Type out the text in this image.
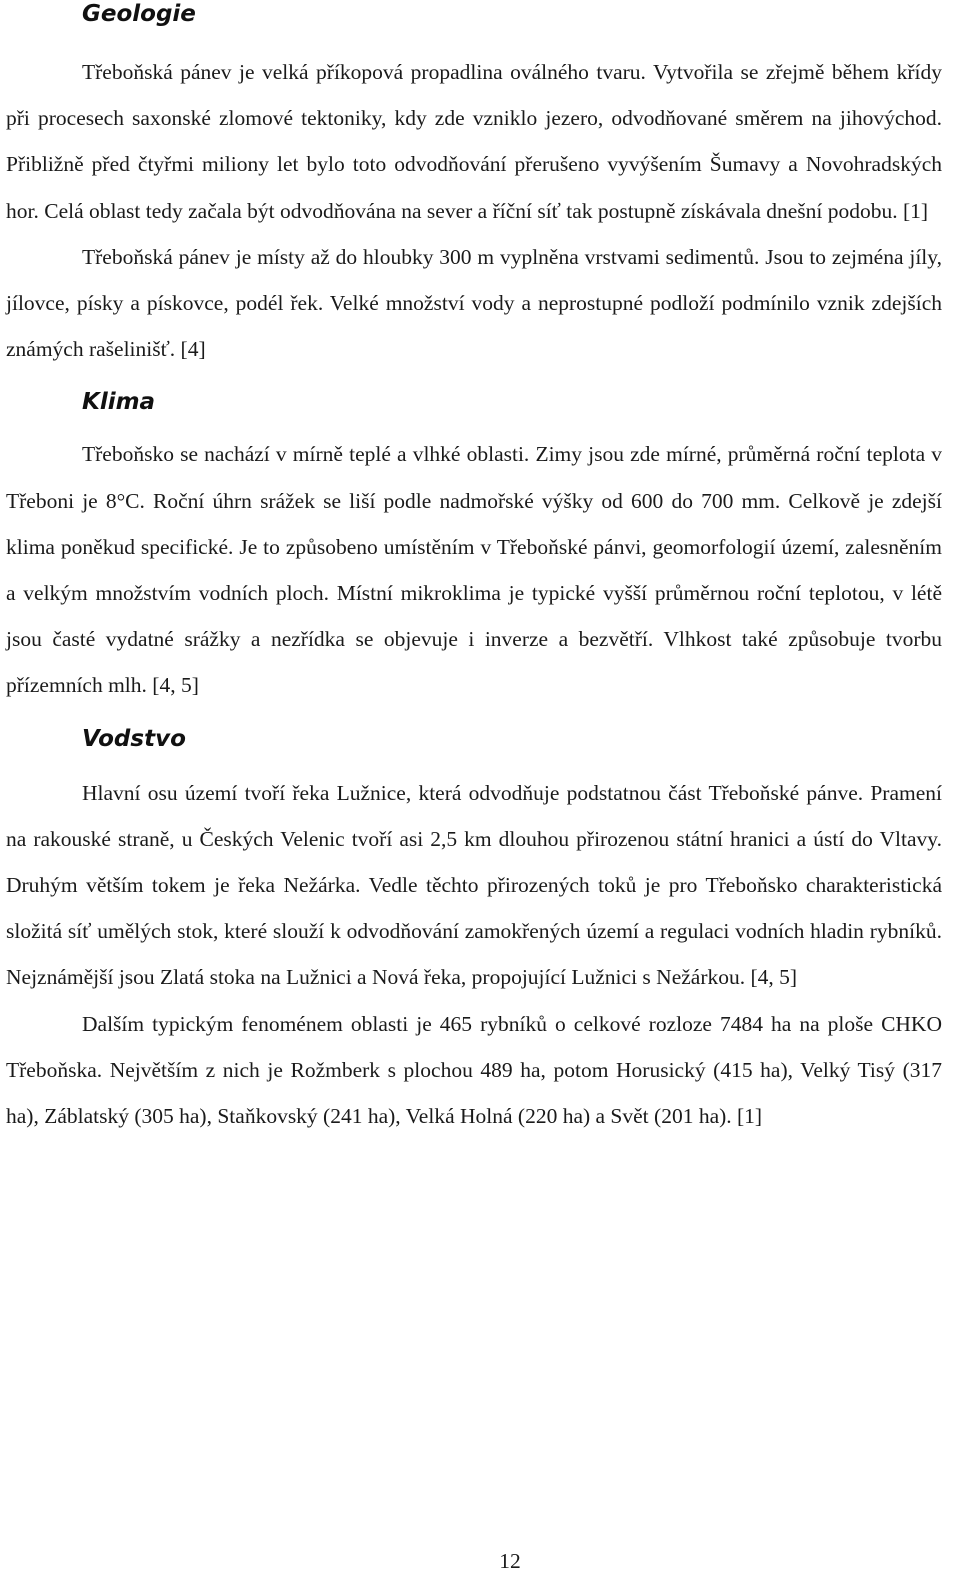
Geologie

Třeboňská pánev je velká příkopová propadlina oválného tvaru. Vytvořila se zřejmě během křídy při procesech saxonské zlomové tektoniky, kdy zde vzniklo jezero, odvodňované směrem na jihovýchod. Přibližně před čtyřmi miliony let bylo toto odvodňování přerušeno vyvýšením Šumavy a Novohradských hor. Celá oblast tedy začala být odvodňována na sever a říční síť tak postupně získávala dnešní podobu. [1]

Třeboňská pánev je místy až do hloubky 300 m vyplněna vrstvami sedimentů. Jsou to zejména jíly, jílovce, písky a pískovce, podél řek. Velké množství vody a neprostupné podloží podmínilo vznik zdejších známých rašelinišť. [4]

Klima

Třeboňsko se nachází v mírně teplé a vlhké oblasti. Zimy jsou zde mírné, průměrná roční teplota v Třeboni je 8°C. Roční úhrn srážek se liší podle nadmořské výšky od 600 do 700 mm. Celkově je zdejší klima poněkud specifické. Je to způsobeno umístěním v Třeboňské pánvi, geomorfologií území, zalesněním a velkým množstvím vodních ploch. Místní mikroklima je typické vyšší průměrnou roční teplotou, v létě jsou časté vydatné srážky a nezřídka se objevuje i inverze a bezvětří. Vlhkost také způsobuje tvorbu přízemních mlh. [4, 5]

Vodstvo

Hlavní osu území tvoří řeka Lužnice, která odvodňuje podstatnou část Třeboňské pánve. Pramení na rakouské straně, u Českých Velenic tvoří asi 2,5 km dlouhou přirozenou státní hranici a ústí do Vltavy. Druhým větším tokem je řeka Nežárka. Vedle těchto přirozených toků je pro Třeboňsko charakteristická složitá síť umělých stok, které slouží k odvodňování zamokřených území a regulaci vodních hladin rybníků. Nejznámější jsou Zlatá stoka na Lužnici a Nová řeka, propojující Lužnici s Nežárkou. [4, 5]

Dalším typickým fenoménem oblasti je 465 rybníků o celkové rozloze 7484 ha na ploše CHKO Třeboňska. Největším z nich je Rožmberk s plochou 489 ha, potom Horusický (415 ha), Velký Tisý (317 ha), Záblatský (305 ha), Staňkovský (241 ha), Velká Holná (220 ha) a Svět (201 ha). [1]

12
